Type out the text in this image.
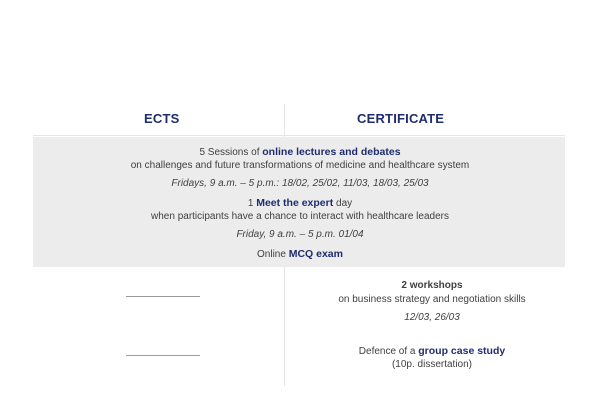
ECTS	CERTIFICATE
5 Sessions of online lectures and debates
on challenges and future transformations of medicine and healthcare system
Fridays, 9 a.m. – 5 p.m.: 18/02, 25/02, 11/03, 18/03, 25/03
1 Meet the expert day
when participants have a chance to interact with healthcare leaders
Friday, 9 a.m. – 5 p.m. 01/04
Online MCQ exam
2 workshops
on business strategy and negotiation skills
12/03, 26/03
Defence of a group case study
(10p. dissertation)
